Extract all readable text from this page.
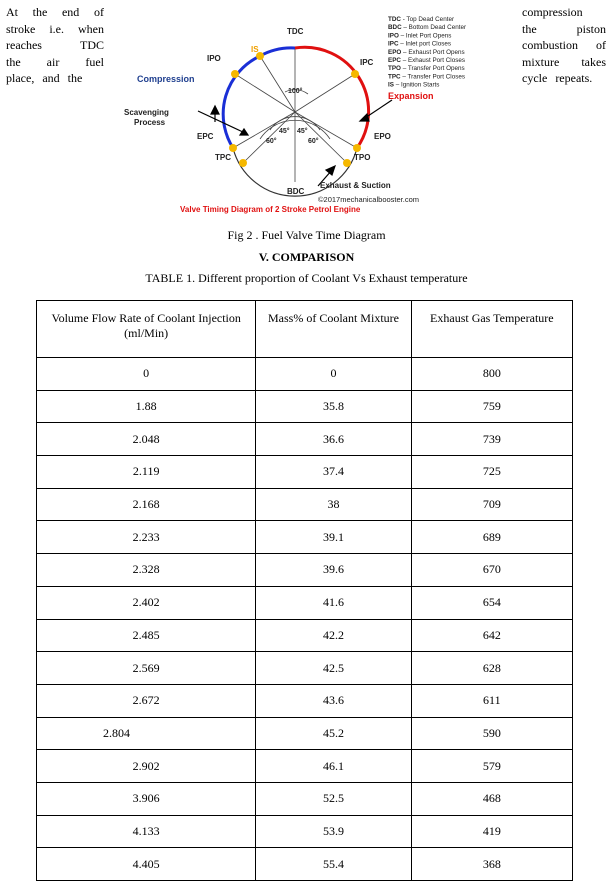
At the end of
stroke i.e. when
reaches	TDC
the air fuel
place, and the
compression
the	piston
combustion of
mixture takes
cycle repeats.
TDC - Top Dead Center
BDC – Bottom Dead Center
IPO – Inlet Port Opens
IPC – Inlet port Closes
EPO – Exhaust Port Opens
EPC – Exhaust Port Closes
TPO – Transfer Port Opens
TPC – Transfer Port Closes
IS – Ignition Starts
TDC
BDC
IPO	IPC
IS
EPC	EPO
TPC	TPO
Compression
Expansion
Scavenging
Process
Exhaust & Suction
100°
45° 45°
60°	60°
©2017mechanicalbooster.com
Valve Timing Diagram of 2 Stroke Petrol Engine
Fig 2 . Fuel Valve Time Diagram
V. COMPARISON
TABLE 1. Different proportion of Coolant Vs Exhaust temperature
Volume Flow Rate of Coolant Injection (ml/Min)	Mass% of Coolant Mixture	Exhaust Gas Temperature
0	0	800
1.88	35.8	759
2.048	36.6	739
2.119	37.4	725
2.168	38	709
2.233	39.1	689
2.328	39.6	670
2.402	41.6	654
2.485	42.2	642
2.569	42.5	628
2.672	43.6	611
2.804	45.2	590
2.902	46.1	579
3.906	52.5	468
4.133	53.9	419
4.405	55.4	368
